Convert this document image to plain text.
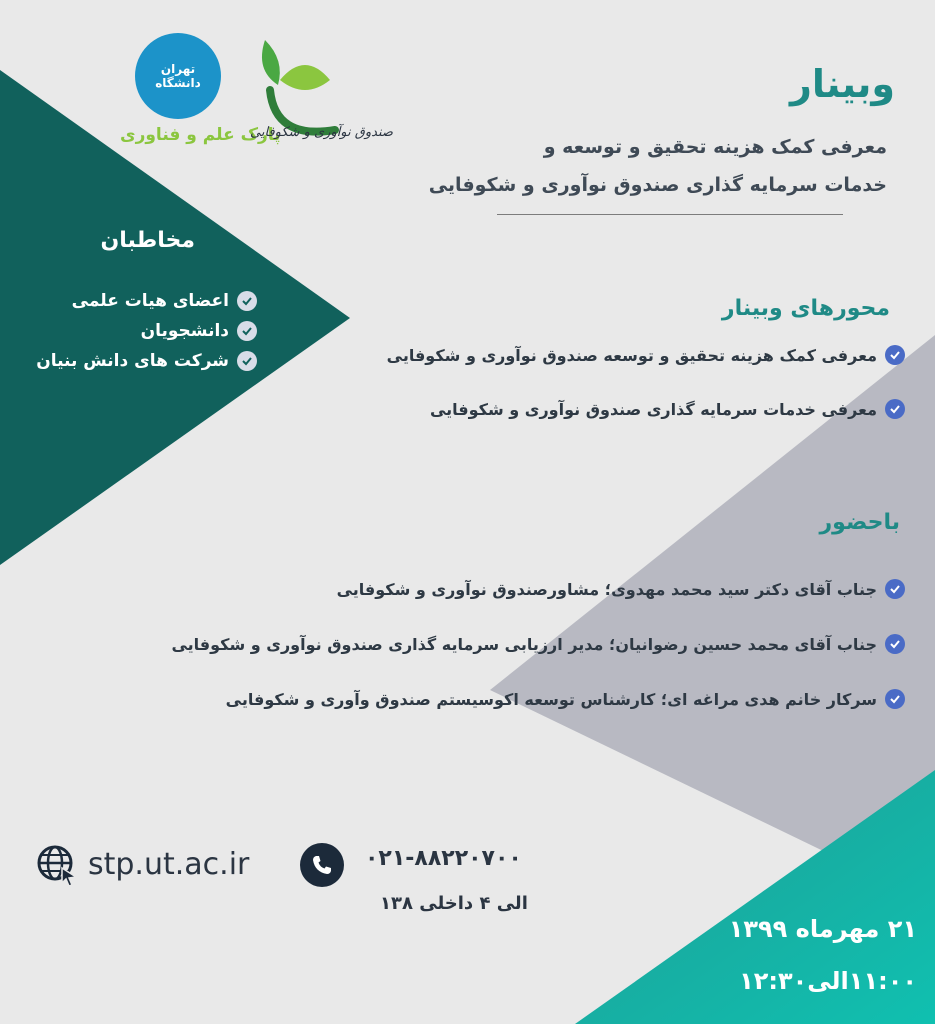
تهران
دانشگاه
پارک علم و فناوری
صندوق نوآوری و شکوفایی
وبینار
معرفی کمک هزینه تحقیق و توسعه و
خدمات سرمایه گذاری صندوق نوآوری و شکوفایی
مخاطبان
اعضای هیات علمی
دانشجویان
شرکت های دانش بنیان
محورهای وبینار
معرفی کمک هزینه تحقیق و توسعه صندوق نوآوری و شکوفایی
معرفی خدمات سرمایه گذاری صندوق نوآوری و شکوفایی
باحضور
جناب آقای دکتر سید محمد مهدوی؛ مشاورصندوق نوآوری و شکوفایی
جناب آقای محمد حسین رضوانیان؛ مدیر ارزیابی سرمایه گذاری صندوق نوآوری و شکوفایی
سرکار خانم هدی مراغه ای؛ کارشناس توسعه اکوسیستم صندوق وآوری و شکوفایی
stp.ut.ac.ir	۰۲۱-۸۸۲۲۰۷۰۰
الی ۴ داخلی ۱۳۸
۲۱ مهرماه ۱۳۹۹
۱۱:۰۰الی۱۲:۳۰
